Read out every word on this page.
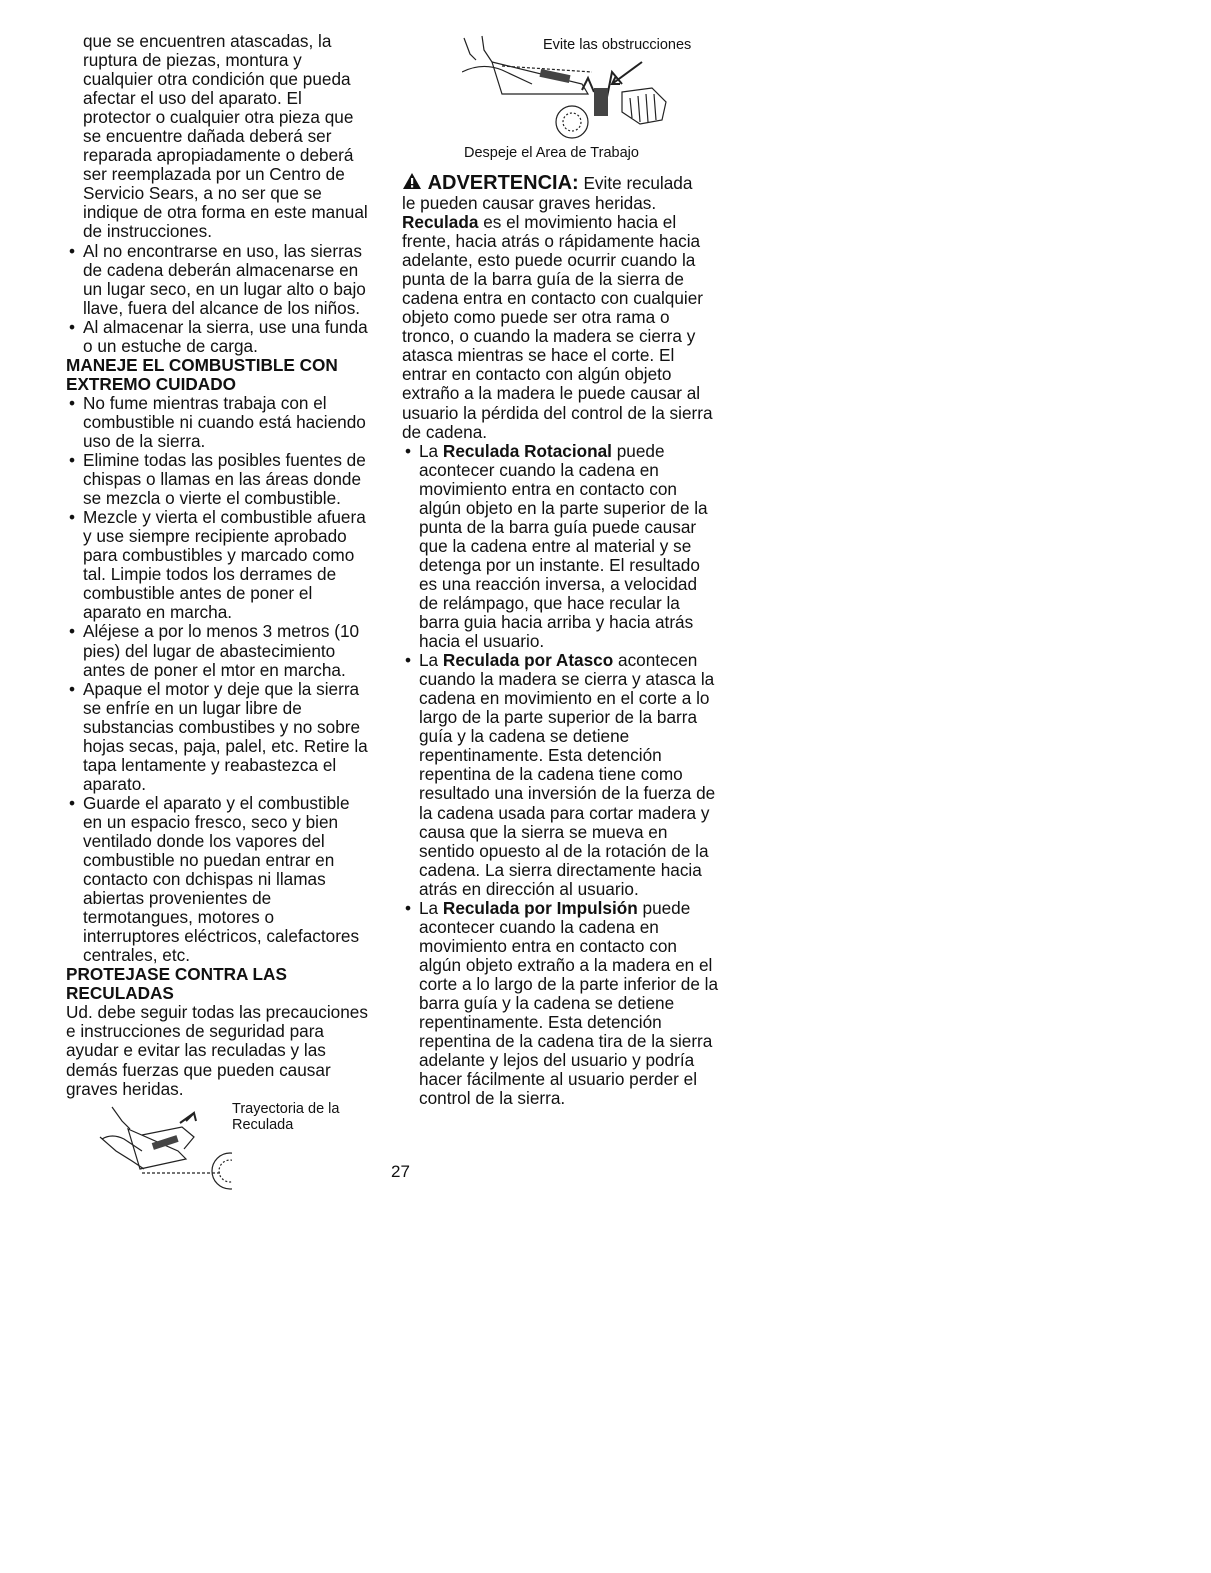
que se encuentren atascadas, la ruptura de piezas, montura y cualquier otra condición que pueda afectar el uso del aparato. El protector o cualquier otra pieza que se encuentre dañada deberá ser reparada apropiadamente o deberá ser reemplazada por un Centro de Servicio Sears, a no ser que se indique de otra forma en este manual de instrucciones.

• Al no encontrarse en uso, las sierras de cadena deberán almacenarse en un lugar seco, en un lugar alto o bajo llave, fuera del alcance de los niños.
• Al almacenar la sierra, use una funda o un estuche de carga.
MANEJE EL COMBUSTIBLE CON EXTREMO CUIDADO
• No fume mientras trabaja con el combustible ni cuando está haciendo uso de la sierra.
• Elimine todas las posibles fuentes de chispas o llamas en las áreas donde se mezcla o vierte el combustible.
• Mezcle y vierta el combustible afuera y use siempre recipiente aprobado para combustibles y marcado como tal. Limpie todos los derrames de combustible antes de poner el aparato en marcha.
• Aléjese a por lo menos 3 metros (10 pies) del lugar de abastecimiento antes de poner el mtor en marcha.
• Apaque el motor y deje que la sierra se enfríe en un lugar libre de substancias combustibes y no sobre hojas secas, paja, palel, etc. Retire la tapa lentamente y reabastezca el aparato.
• Guarde el aparato y el combustible en un espacio fresco, seco y bien ventilado donde los vapores del combustible no puedan entrar en contacto con dchispas ni llamas abiertas provenientes de termotangues, motores o interruptores eléctricos, calefactores centrales, etc.
PROTEJASE CONTRA LAS RECULADAS

Ud. debe seguir todas las precauciones e instrucciones de seguridad para ayudar e evitar las reculadas y las demás fuerzas que pueden causar graves heridas.

Trayectoria de la Reculada
Evite las obstrucciones
Despeje el Area de Trabajo

ADVERTENCIA: Evite reculada

le pueden causar graves heridas. Reculada es el movimiento hacia el frente, hacia atrás o rápidamente hacia adelante, esto puede ocurrir cuando la punta de la barra guía de la sierra de cadena entra en contacto con cualquier objeto como puede ser otra rama o tronco, o cuando la madera se cierra y atasca mientras se hace el corte. El entrar en contacto con algún objeto extraño a la madera le puede causar al usuario la pérdida del control de la sierra de cadena.

• La Reculada Rotacional puede acontecer cuando la cadena en movimiento entra en contacto con algún objeto en la parte superior de la punta de la barra guía puede causar que la cadena entre al material y se detenga por un instante. El resultado es una reacción inversa, a velocidad de relámpago, que hace recular la barra guia hacia arriba y hacia atrás hacia el usuario.
• La Reculada por Atasco acontecen cuando la madera se cierra y atasca la cadena en movimiento en el corte a lo largo de la parte superior de la barra guía y la cadena se detiene repentinamente. Esta detención repentina de la cadena tiene como resultado una inversión de la fuerza de la cadena usada para cortar madera y causa que la sierra se mueva en sentido opuesto al de la rotación de la cadena. La sierra directamente hacia atrás en dirección al usuario.
• La Reculada por Impulsión puede acontecer cuando la cadena en movimiento entra en contacto con algún objeto extraño a la madera en el corte a lo largo de la parte inferior de la barra guía y la cadena se detiene repentinamente. Esta detención repentina de la cadena tira de la sierra adelante y lejos del usuario y podría hacer fácilmente al usuario perder el control de la sierra.
27
